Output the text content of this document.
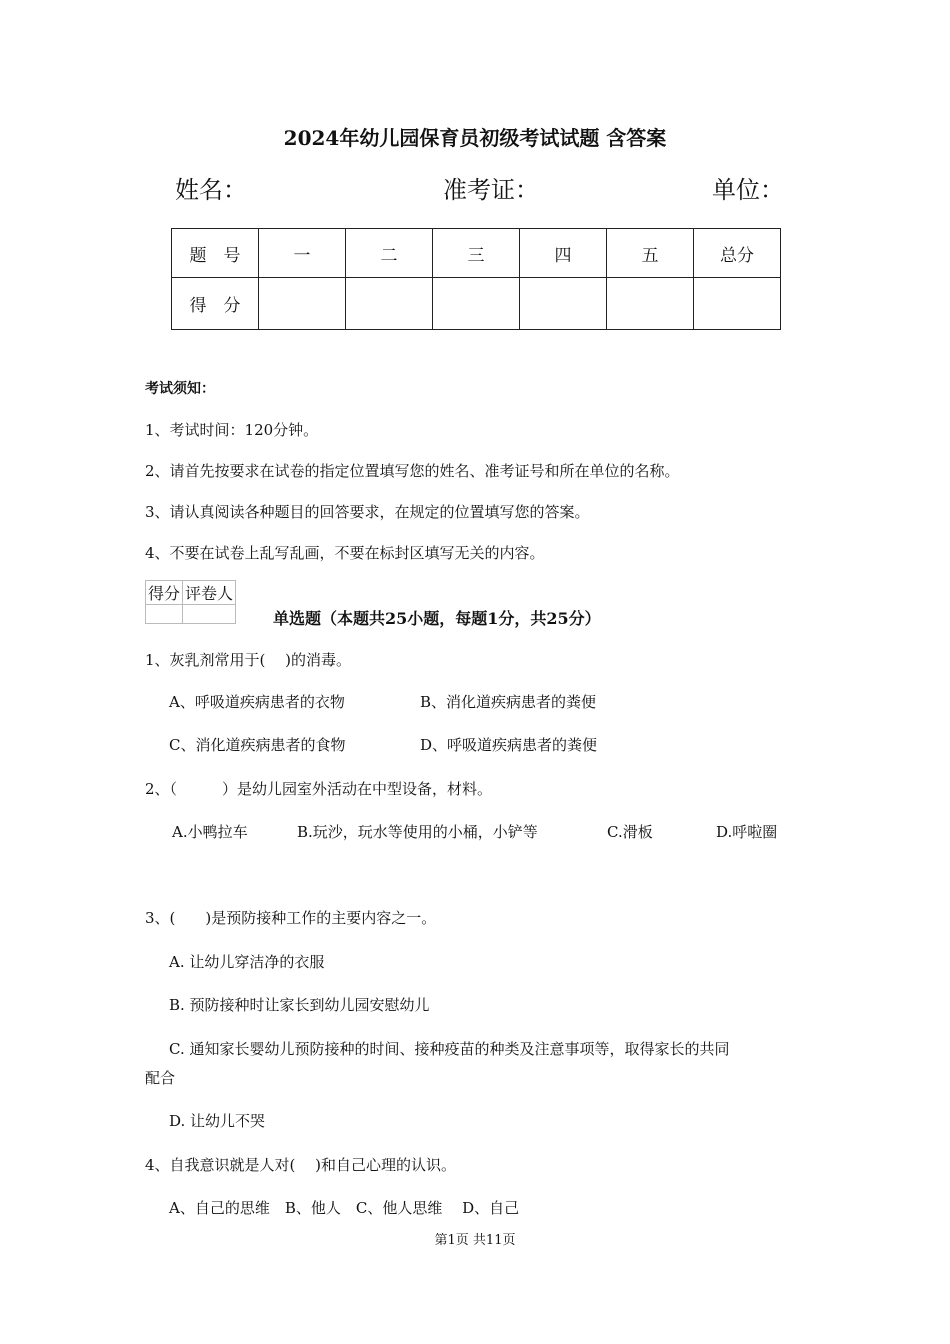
2024年幼儿园保育员初级考试试题 含答案
姓名：	准考证：	单位：
题　号	一	二	三	四	五	总分
得　分						
考试须知：
1、考试时间：120分钟。
2、请首先按要求在试卷的指定位置填写您的姓名、准考证号和所在单位的名称。
3、请认真阅读各种题目的回答要求，在规定的位置填写您的答案。
4、不要在试卷上乱写乱画，不要在标封区填写无关的内容。
得分	评卷人

单选题（本题共25小题，每题1分，共25分）
1、灰乳剂常用于(　 )的消毒。
A、呼吸道疾病患者的衣物	B、消化道疾病患者的粪便
C、消化道疾病患者的食物	D、呼吸道疾病患者的粪便
2、（　　　）是幼儿园室外活动在中型设备，材料。
A.小鸭拉车	B.玩沙，玩水等使用的小桶，小铲等	C.滑板	D.呼啦圈
3、(　　)是预防接种工作的主要内容之一。
A. 让幼儿穿洁净的衣服
B. 预防接种时让家长到幼儿园安慰幼儿
C. 通知家长婴幼儿预防接种的时间、接种疫苗的种类及注意事项等，取得家长的共同
配合
D. 让幼儿不哭
4、自我意识就是人对(　 )和自己心理的认识。
A、自己的思维　B、他人　C、他人思维　 D、自己
第1页 共11页
